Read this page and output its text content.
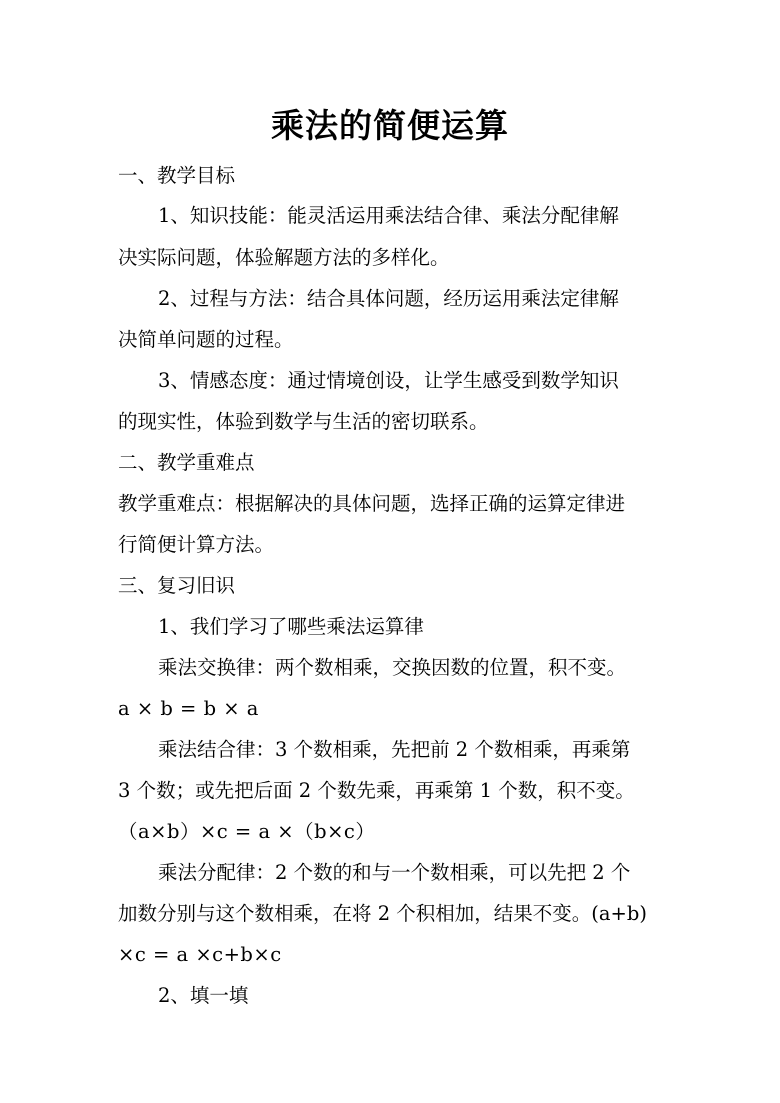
乘法的简便运算
一、教学目标
1、知识技能：能灵活运用乘法结合律、乘法分配律解
决实际问题，体验解题方法的多样化。
2、过程与方法：结合具体问题，经历运用乘法定律解
决简单问题的过程。
3、情感态度：通过情境创设，让学生感受到数学知识
的现实性，体验到数学与生活的密切联系。
二、教学重难点
教学重难点：根据解决的具体问题，选择正确的运算定律进
行简便计算方法。
三、复习旧识
1、我们学习了哪些乘法运算律
乘法交换律：两个数相乘，交换因数的位置，积不变。
a × b = b × a
乘法结合律：3 个数相乘，先把前 2 个数相乘，再乘第
3 个数；或先把后面 2 个数先乘，再乘第 1 个数，积不变。
（a×b）×c = a ×（b×c）
乘法分配律：2 个数的和与一个数相乘，可以先把 2 个
加数分别与这个数相乘，在将 2 个积相加，结果不变。(a+b)
×c = a ×c+b×c
2、填一填
